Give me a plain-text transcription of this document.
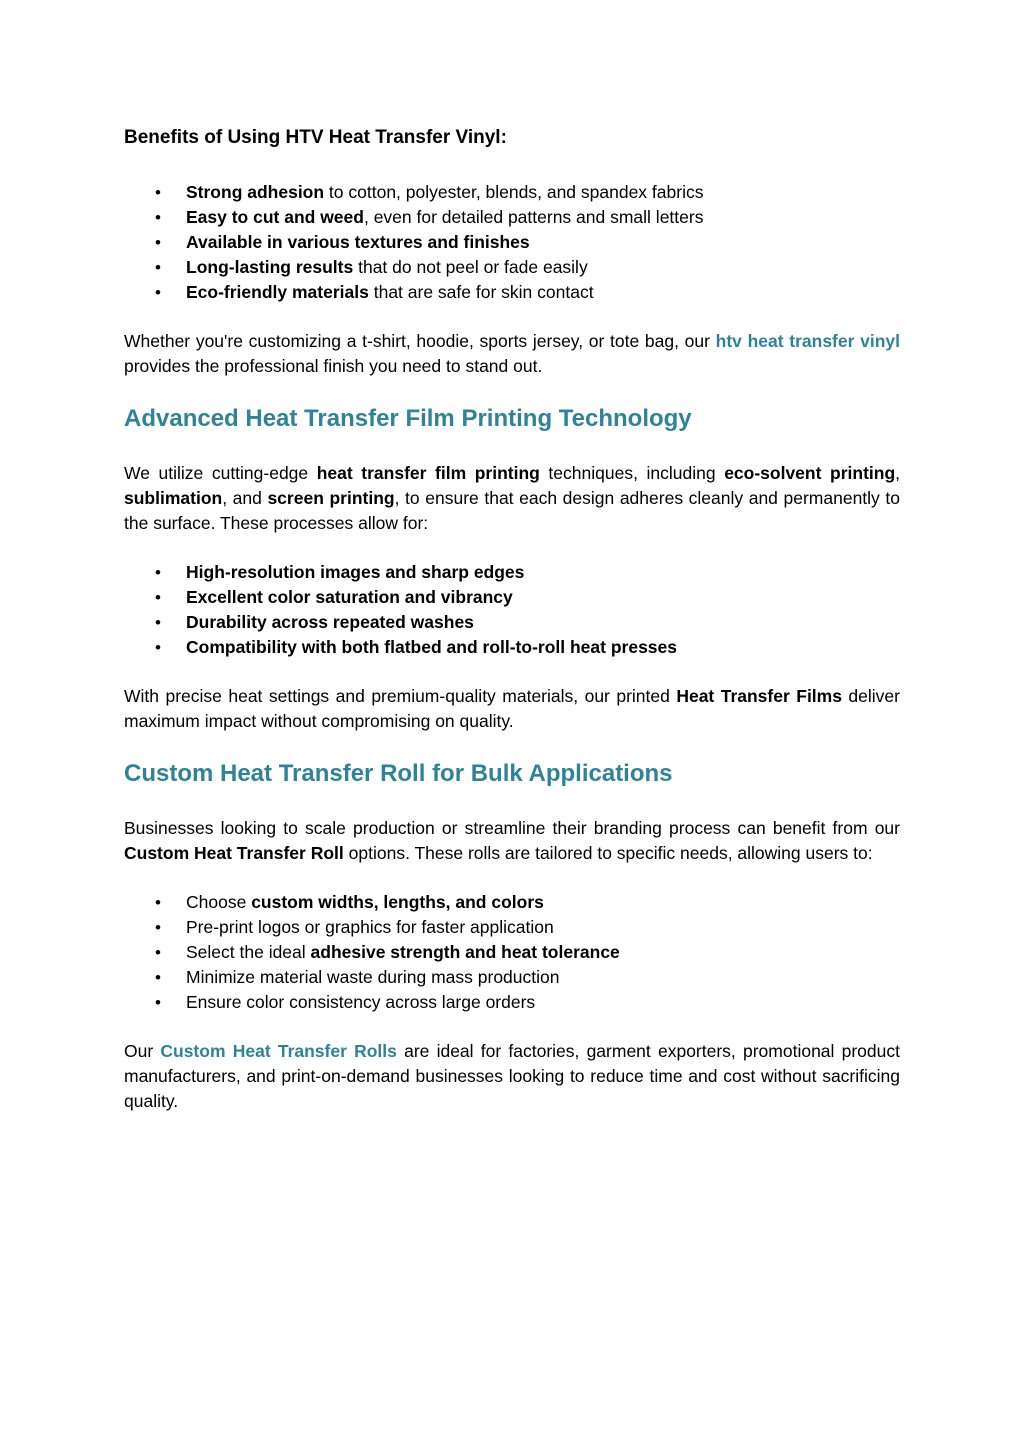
Benefits of Using HTV Heat Transfer Vinyl:
• Strong adhesion to cotton, polyester, blends, and spandex fabrics
• Easy to cut and weed, even for detailed patterns and small letters
• Available in various textures and finishes
• Long-lasting results that do not peel or fade easily
• Eco-friendly materials that are safe for skin contact

Whether you're customizing a t-shirt, hoodie, sports jersey, or tote bag, our htv heat transfer vinyl provides the professional finish you need to stand out.

Advanced Heat Transfer Film Printing Technology

We utilize cutting-edge heat transfer film printing techniques, including eco-solvent printing, sublimation, and screen printing, to ensure that each design adheres cleanly and permanently to the surface. These processes allow for:

• High-resolution images and sharp edges
• Excellent color saturation and vibrancy
• Durability across repeated washes
• Compatibility with both flatbed and roll-to-roll heat presses

With precise heat settings and premium-quality materials, our printed Heat Transfer Films deliver maximum impact without compromising on quality.

Custom Heat Transfer Roll for Bulk Applications

Businesses looking to scale production or streamline their branding process can benefit from our Custom Heat Transfer Roll options. These rolls are tailored to specific needs, allowing users to:

• Choose custom widths, lengths, and colors
• Pre-print logos or graphics for faster application
• Select the ideal adhesive strength and heat tolerance
• Minimize material waste during mass production
• Ensure color consistency across large orders

Our Custom Heat Transfer Rolls are ideal for factories, garment exporters, promotional product manufacturers, and print-on-demand businesses looking to reduce time and cost without sacrificing quality.
